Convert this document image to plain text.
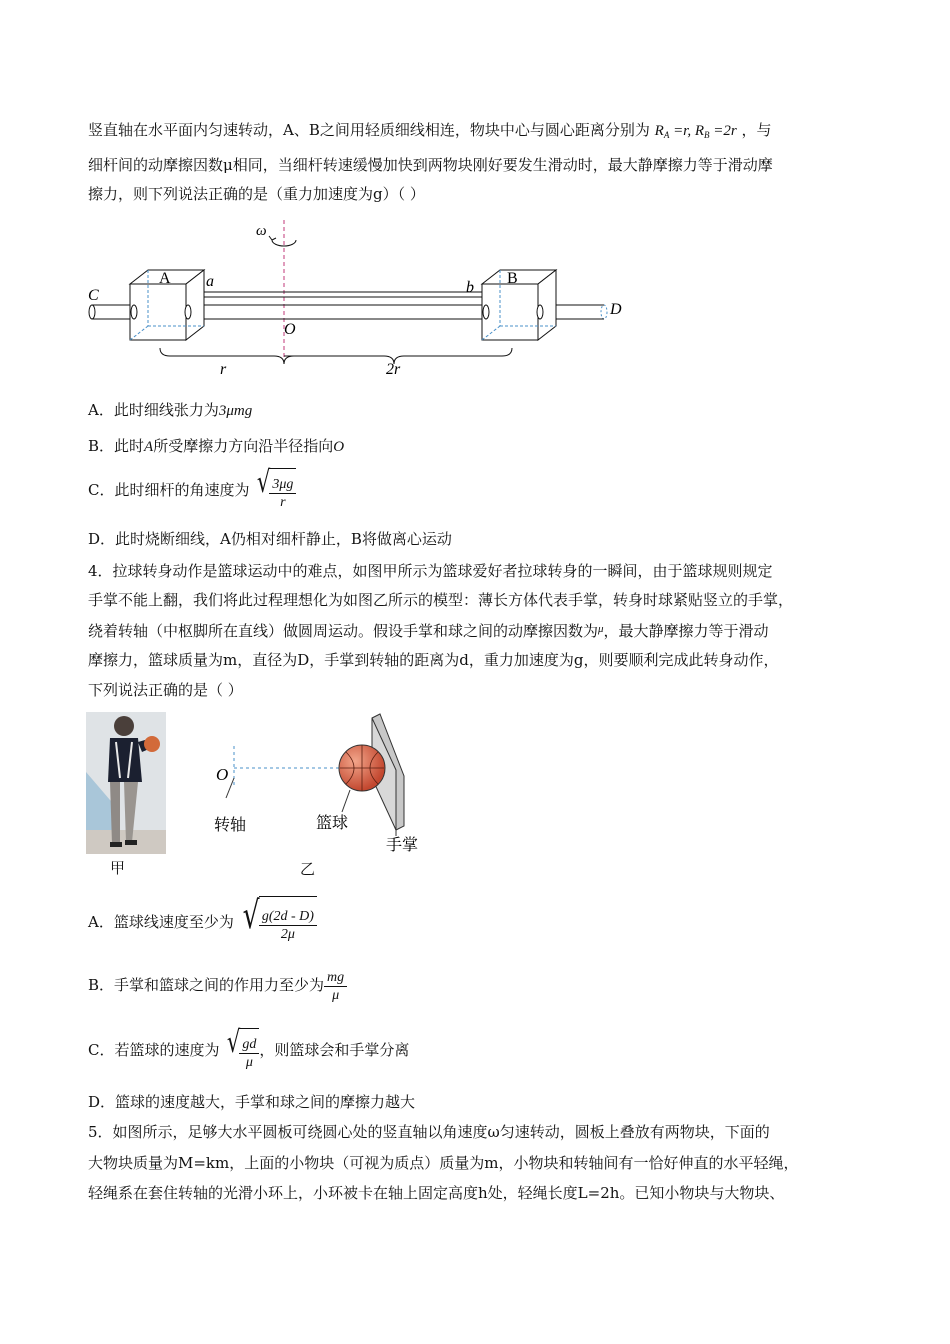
竖直轴在水平面内匀速转动，A、B之间用轻质细线相连，物块中心与圆心距离分别为 $R_A =r$, $R_B =2r$ ，与
细杆间的动摩擦因数μ相同，当细杆转速缓慢加快到两物块刚好要发生滑动时，最大静摩擦力等于滑动摩
擦力，则下列说法正确的是（重力加速度为g）（ ）
ω
A	B
a	b
C
D
O
r	2r
A．此时细线张力为3μmg
B．此时A所受摩擦力方向沿半径指向O
C．此时细杆的角速度为 √
$\frac{3\mu g}{r}$
D．此时烧断细线，A仍相对细杆静止，B将做离心运动
4．拉球转身动作是篮球运动中的难点，如图甲所示为篮球爱好者拉球转身的一瞬间，由于篮球规则规定
手掌不能上翻，我们将此过程理想化为如图乙所示的模型：薄长方体代表手掌，转身时球紧贴竖立的手掌，
绕着转轴（中枢脚所在直线）做圆周运动。假设手掌和球之间的动摩擦因数为$^\mu$，最大静摩擦力等于滑动
摩擦力，篮球质量为m，直径为D，手掌到转轴的距离为d，重力加速度为g，则要顺利完成此转身动作，
下列说法正确的是（ ）
甲
O
转轴	篮球
手掌
乙
A．篮球线速度至少为 √ $\frac{g(2d - D)}{2\mu}$
B．手掌和篮球之间的作用力至少为 $\frac{mg}{\mu}$
C．若篮球的速度为 √
$\frac{gd}{\mu}$ ，则篮球会和手掌分离
D．篮球的速度越大，手掌和球之间的摩擦力越大
5．如图所示，足够大水平圆板可绕圆心处的竖直轴以角速度ω匀速转动，圆板上叠放有两物块，下面的
大物块质量为M=km，上面的小物块（可视为质点）质量为m，小物块和转轴间有一恰好伸直的水平轻绳，
轻绳系在套住转轴的光滑小环上，小环被卡在轴上固定高度h处，轻绳长度L=2h。已知小物块与大物块、
